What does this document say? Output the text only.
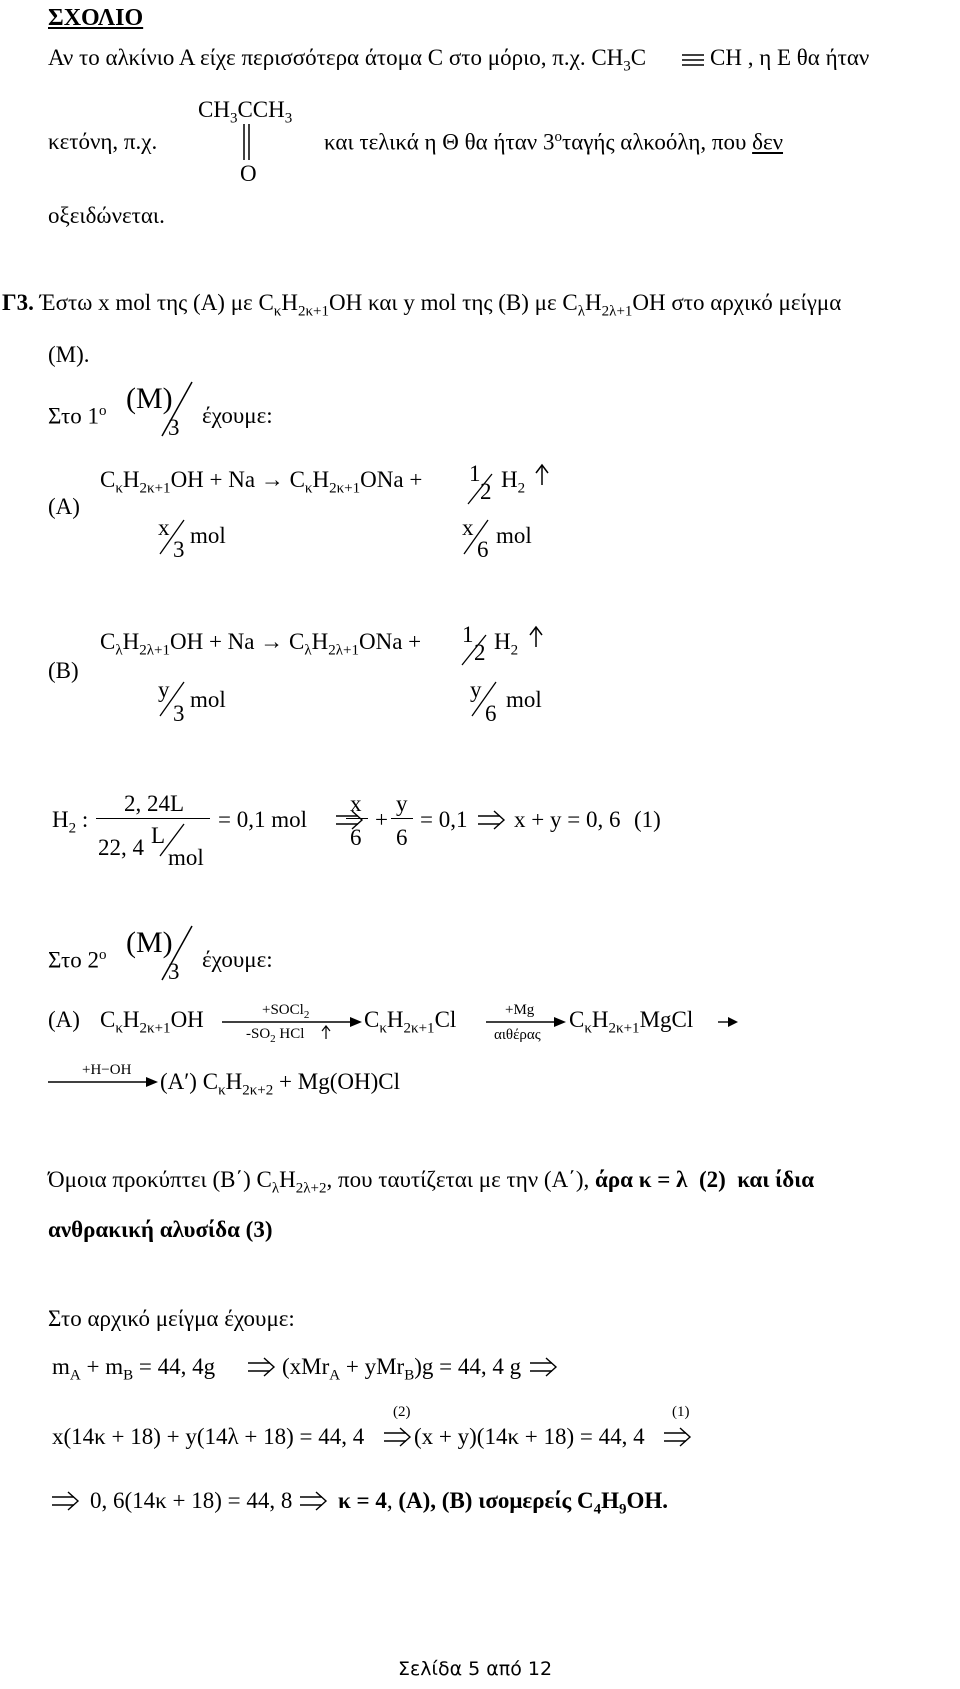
ΣΧΟΛΙΟ
Αν το αλκίνιο Α είχε περισσότερα άτομα C στο μόριο, π.χ. $CH_3C$	CH , η Ε θα ήταν
$CH_3CCH_3$
O
κετόνη, π.χ.	και τελικά η Θ θα ήταν $3^o\tau\alpha\gamma ή\varsigma$ αλκοόλη, που δεν
οξειδώνεται.
Γ3. Έστω x mol της (Α) με $C_\kappa H_{2\kappa+1}OH$ και y mol της (Β) με $C_\lambda H_{2\lambda+1}OH$ στο αρχικό μείγμα
(Μ).
Στο $1^o$ (M)
3 έχουμε:
(Α)
$C_\kappa H_{2\kappa+1}OH + Na \to C_\kappa H_{2\kappa+1}ONa + 1$
2 $H_2$
x
3
mol	x
6
mol
(Β)
$C_\lambda H_{2\lambda+1}OH + Na \to C_\lambda H_{2\lambda+1}ONa + 1$
2 $H_2$
y
3
mol	y
6
mol
$H_2$ :
2, 24L
22, 4 L
mol
= 0,1 mol
x
6
+
y
6
= 0,1 x + y = 0, 6 (1)
Στο $2^o$ (M)
3 έχουμε:
(Α) $C_\kappa H_{2\kappa+1}OH$	+SOCl$_2$
$-SO_2$ HCl
$C_\kappa H_{2\kappa+1}Cl$	+Mg
αιθέρας
$C_\kappa H_{2\kappa+1}MgCl$
+H−OH (A′) $C_\kappa H_{2\kappa+2} + Mg(OH)Cl$
Όμοια προκύπτει (Β΄) $C_\lambda H_{2\lambda+2}$, που ταυτίζεται με την (Α΄), άρα κ = λ (2) και ίδια
ανθρακική αλυσίδα (3)
Στο αρχικό μείγμα έχουμε:
$m_A + m_B = 44$, 4g	(xMr$_A$ + yMr$_B$)g = 44, 4 g
(2)	(1)
x(14κ + 18) + y(14λ + 18) = 44, 4 (x + y)(14κ + 18) = 44, 4
0, 6(14κ + 18) = 44, 8 κ = 4, (Α), (Β) ισομερείς $C_4H_9OH$.
Σελίδα 5 από 12
